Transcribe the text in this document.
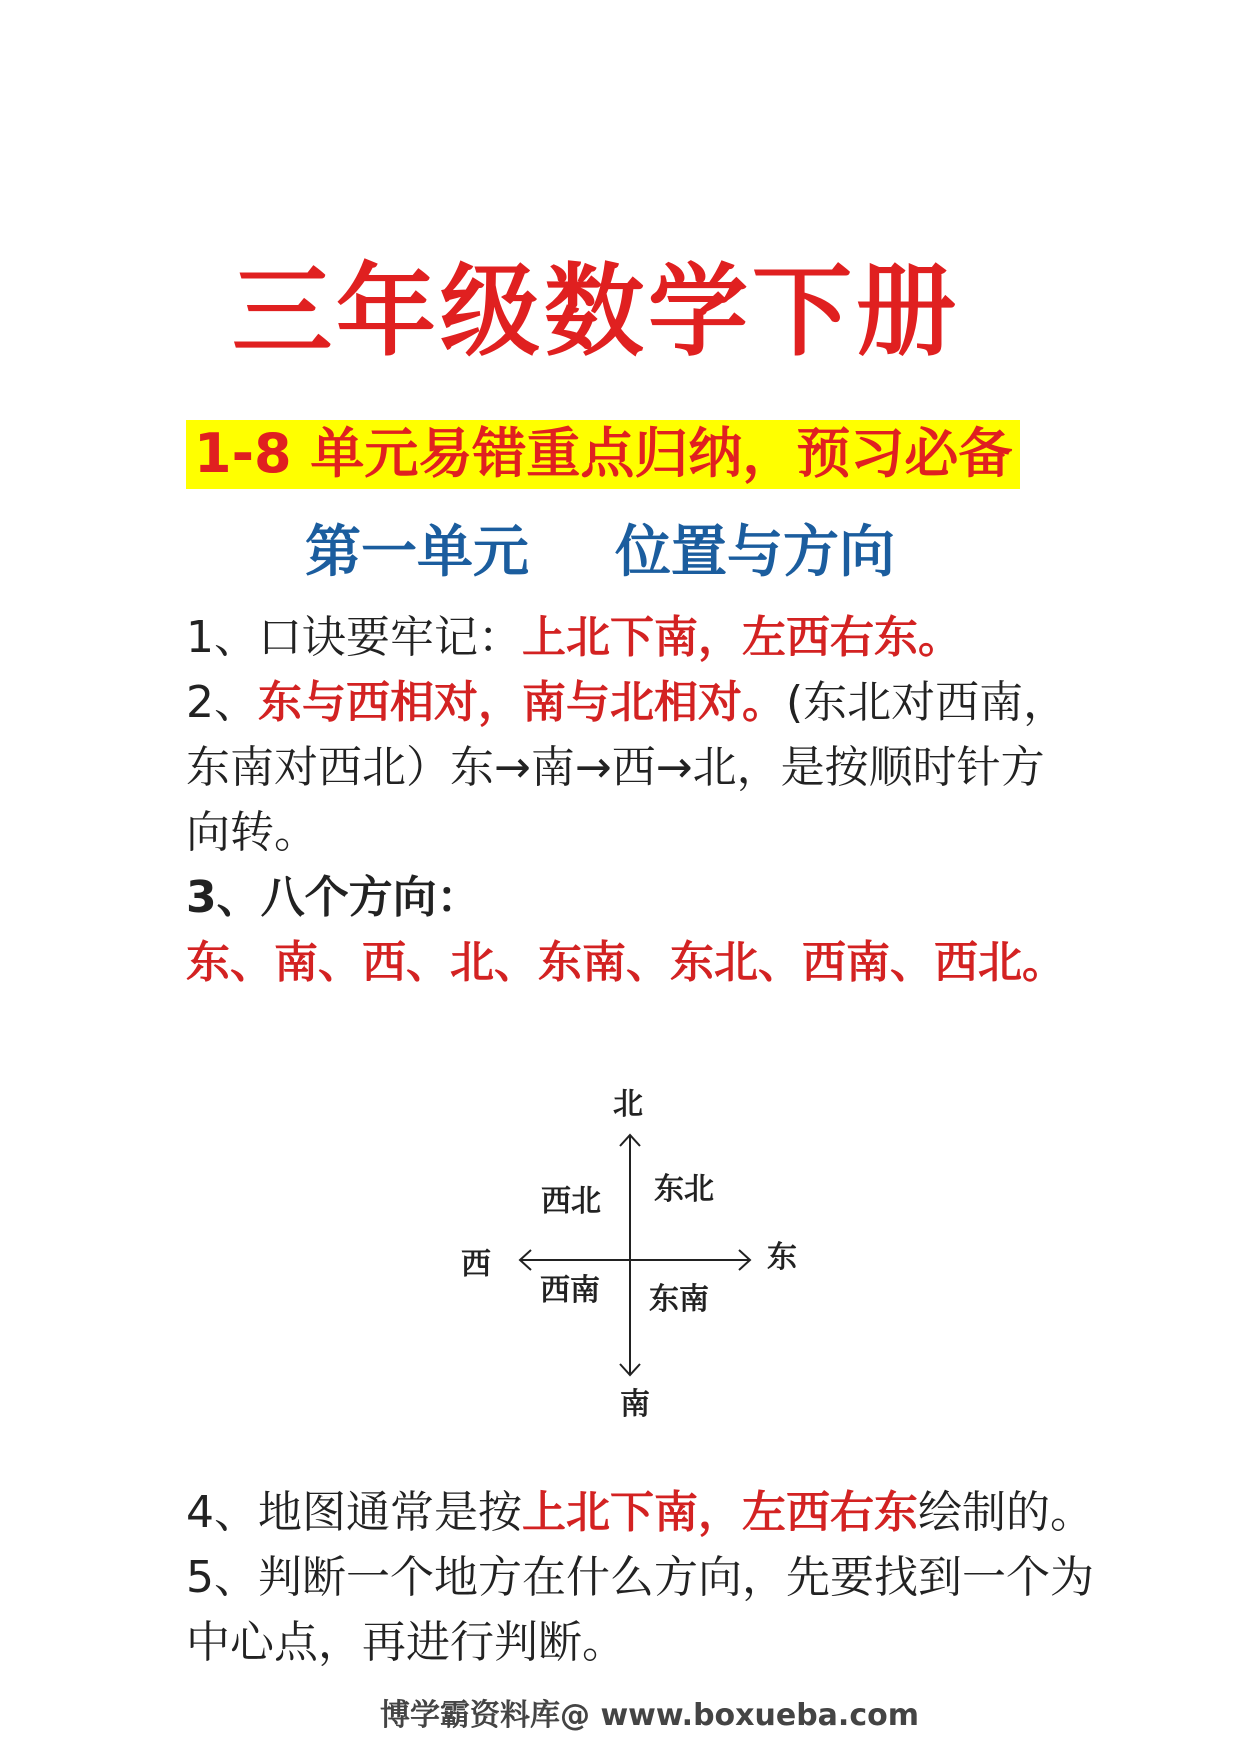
三年级数学下册
1-8 单元易错重点归纳，预习必备
第一单元 位置与方向

1、口诀要牢记：上北下南，左西右东。

2、东与西相对，南与北相对。(东北对西南，东南对西北）东→南→西→北，是按顺时针方向转。

3、八个方向：

东、南、西、北、东南、东北、西南、西北。

北
南
东
西
东北
西北
东南
西南

4、地图通常是按上北下南，左西右东绘制的。

5、判断一个地方在什么方向，先要找到一个为中心点，再进行判断。

博学霸资料库@ www.boxueba.com
